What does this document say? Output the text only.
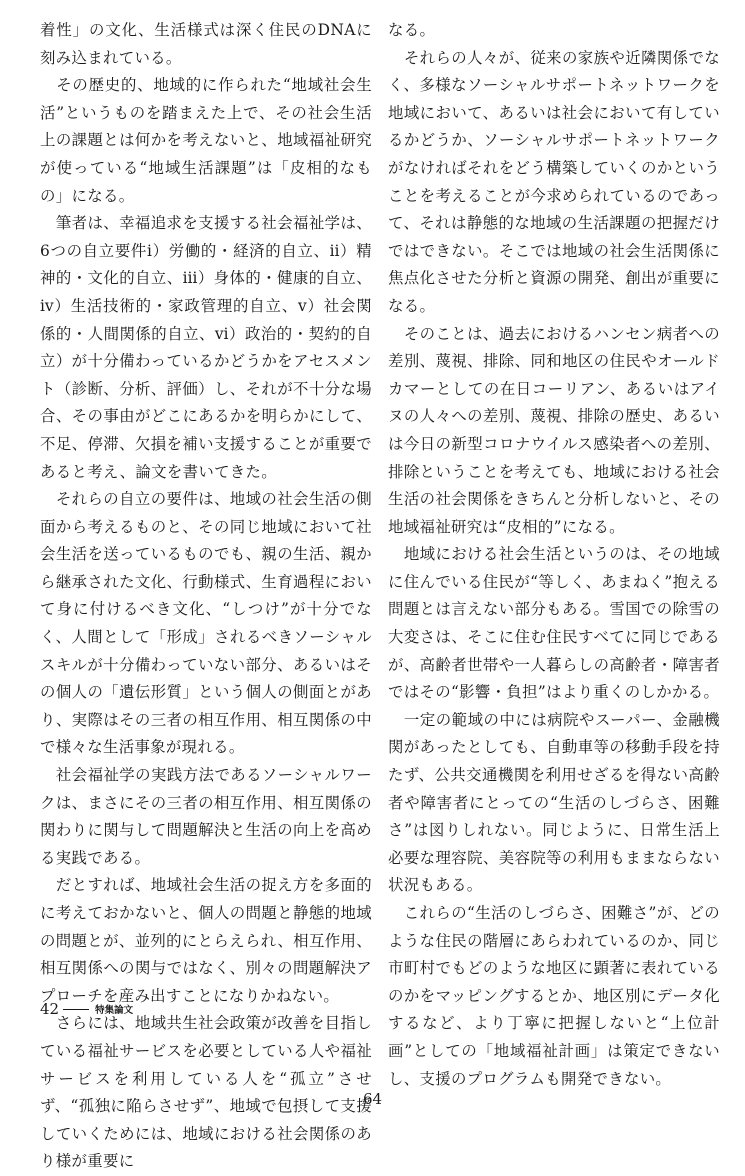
着性」の文化、生活様式は深く住民のDNAに刻み込まれている。

　その歴史的、地域的に作られた“地域社会生活”というものを踏まえた上で、その社会生活上の課題とは何かを考えないと、地域福祉研究が使っている“地域生活課題”は「皮相的なもの」になる。

　筆者は、幸福追求を支援する社会福祉学は、6つの自立要件ⅰ）労働的・経済的自立、ⅱ）精神的・文化的自立、ⅲ）身体的・健康的自立、ⅳ）生活技術的・家政管理的自立、ⅴ）社会関係的・人間関係的自立、ⅵ）政治的・契約的自立）が十分備わっているかどうかをアセスメント（診断、分析、評価）し、それが不十分な場合、その事由がどこにあるかを明らかにして、不足、停滞、欠損を補い支援することが重要であると考え、論文を書いてきた。

　それらの自立の要件は、地域の社会生活の側面から考えるものと、その同じ地域において社会生活を送っているものでも、親の生活、親から継承された文化、行動様式、生育過程において身に付けるべき文化、“しつけ”が十分でなく、人間として「形成」されるべきソーシャルスキルが十分備わっていない部分、あるいはその個人の「遺伝形質」という個人の側面とがあり、実際はその三者の相互作用、相互関係の中で様々な生活事象が現れる。

　社会福祉学の実践方法であるソーシャルワークは、まさにその三者の相互作用、相互関係の関わりに関与して問題解決と生活の向上を高める実践である。

　だとすれば、地域社会生活の捉え方を多面的に考えておかないと、個人の問題と静態的地域の問題とが、並列的にとらえられ、相互作用、相互関係への関与ではなく、別々の問題解決アプローチを産み出すことになりかねない。

　さらには、地域共生社会政策が改善を目指している福祉サービスを必要としている人や福祉サービスを利用している人を“孤立”させず、“孤独に陥らさせず”、地域で包摂して支援していくためには、地域における社会関係のあり様が重要に

なる。

　それらの人々が、従来の家族や近隣関係でなく、多様なソーシャルサポートネットワークを地域において、あるいは社会において有しているかどうか、ソーシャルサポートネットワークがなければそれをどう構築していくのかということを考えることが今求められているのであって、それは静態的な地域の生活課題の把握だけではできない。そこでは地域の社会生活関係に焦点化させた分析と資源の開発、創出が重要になる。

　そのことは、過去におけるハンセン病者への差別、蔑視、排除、同和地区の住民やオールドカマーとしての在日コーリアン、あるいはアイヌの人々への差別、蔑視、排除の歴史、あるいは今日の新型コロナウイルス感染者への差別、排除ということを考えても、地域における社会生活の社会関係をきちんと分析しないと、その地域福祉研究は“皮相的”になる。

　地域における社会生活というのは、その地域に住んでいる住民が“等しく、あまねく”抱える問題とは言えない部分もある。雪国での除雪の大変さは、そこに住む住民すべてに同じであるが、高齢者世帯や一人暮らしの高齢者・障害者ではその“影響・負担”はより重くのしかかる。

　一定の範域の中には病院やスーパー、金融機関があったとしても、自動車等の移動手段を持たず、公共交通機関を利用せざるを得ない高齢者や障害者にとっての“生活のしづらさ、困難さ”は図りしれない。同じように、日常生活上必要な理容院、美容院等の利用もままならない状況もある。

　これらの“生活のしづらさ、困難さ”が、どのような住民の階層にあらわれているのか、同じ市町村でもどのような地区に顕著に表れているのかをマッピングするとか、地区別にデータ化するなど、より丁寧に把握しないと“上位計画”としての「地域福祉計画」は策定できないし、支援のプログラムも開発できない。

42	特集論文
64
